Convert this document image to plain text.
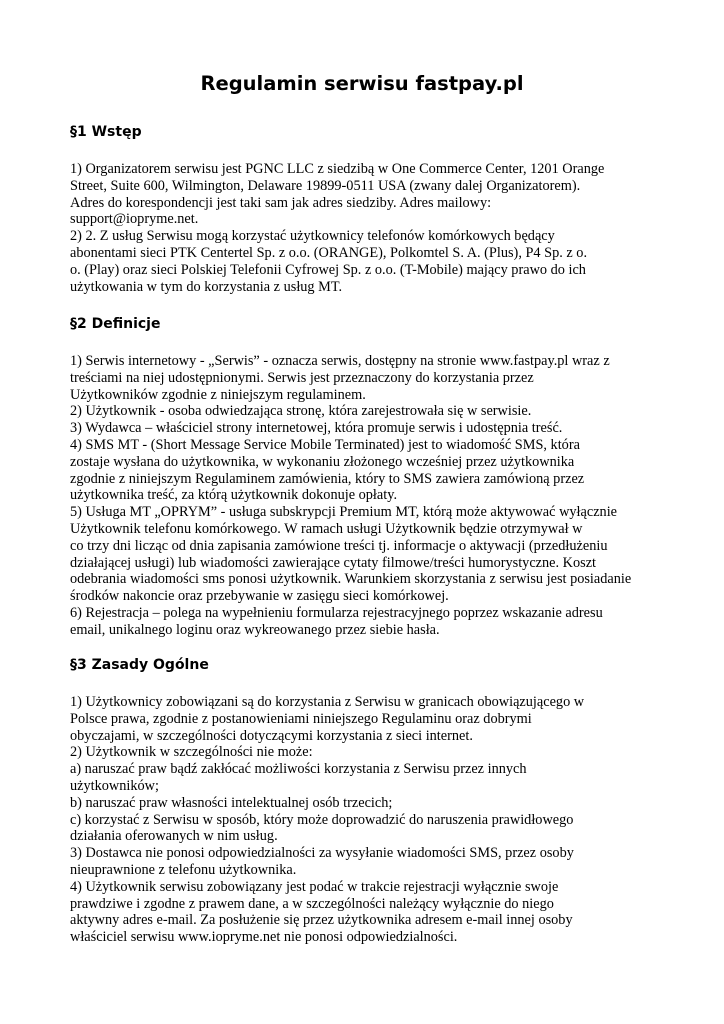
Regulamin serwisu fastpay.pl
§1 Wstęp
1) Organizatorem serwisu jest PGNC LLC z siedzibą w One Commerce Center, 1201 Orange
Street, Suite 600, Wilmington, Delaware 19899-0511 USA (zwany dalej Organizatorem).
Adres do korespondencji jest taki sam jak adres siedziby. Adres mailowy:
support@iopryme.net.
2) 2. Z usług Serwisu mogą korzystać użytkownicy telefonów komórkowych będący
abonentami sieci PTK Centertel Sp. z o.o. (ORANGE), Polkomtel S. A. (Plus), P4 Sp. z o.
o. (Play) oraz sieci Polskiej Telefonii Cyfrowej Sp. z o.o. (T-Mobile) mający prawo do ich
użytkowania w tym do korzystania z usług MT.
§2 Definicje
1) Serwis internetowy - „Serwis” - oznacza serwis, dostępny na stronie www.fastpay.pl wraz z
treściami na niej udostępnionymi. Serwis jest przeznaczony do korzystania przez
Użytkowników zgodnie z niniejszym regulaminem.
2) Użytkownik - osoba odwiedzająca stronę, która zarejestrowała się w serwisie.
3) Wydawca – właściciel strony internetowej, która promuje serwis i udostępnia treść.
4) SMS MT - (Short Message Service Mobile Terminated) jest to wiadomość SMS, która
zostaje wysłana do użytkownika, w wykonaniu złożonego wcześniej przez użytkownika
zgodnie z niniejszym Regulaminem zamówienia, który to SMS zawiera zamówioną przez
użytkownika treść, za którą użytkownik dokonuje opłaty.
5) Usługa MT „OPRYM” - usługa subskrypcji Premium MT, którą może aktywować wyłącznie
Użytkownik telefonu komórkowego. W ramach usługi Użytkownik będzie otrzymywał w
co trzy dni licząc od dnia zapisania zamówione treści tj. informacje o aktywacji (przedłużeniu
działającej usługi) lub wiadomości zawierające cytaty filmowe/treści humorystyczne. Koszt
odebrania wiadomości sms ponosi użytkownik. Warunkiem skorzystania z serwisu jest posiadanie
środków nakoncie oraz przebywanie w zasięgu sieci komórkowej.
6) Rejestracja – polega na wypełnieniu formularza rejestracyjnego poprzez wskazanie adresu
email, unikalnego loginu oraz wykreowanego przez siebie hasła.
§3 Zasady Ogólne
1) Użytkownicy zobowiązani są do korzystania z Serwisu w granicach obowiązującego w
Polsce prawa, zgodnie z postanowieniami niniejszego Regulaminu oraz dobrymi
obyczajami, w szczególności dotyczącymi korzystania z sieci internet.
2) Użytkownik w szczególności nie może:
a) naruszać praw bądź zakłócać możliwości korzystania z Serwisu przez innych
użytkowników;
b) naruszać praw własności intelektualnej osób trzecich;
c) korzystać z Serwisu w sposób, który może doprowadzić do naruszenia prawidłowego
działania oferowanych w nim usług.
3) Dostawca nie ponosi odpowiedzialności za wysyłanie wiadomości SMS, przez osoby
nieuprawnione z telefonu użytkownika.
4) Użytkownik serwisu zobowiązany jest podać w trakcie rejestracji wyłącznie swoje
prawdziwe i zgodne z prawem dane, a w szczególności należący wyłącznie do niego
aktywny adres e-mail. Za posłużenie się przez użytkownika adresem e-mail innej osoby
właściciel serwisu www.iopryme.net nie ponosi odpowiedzialności.
